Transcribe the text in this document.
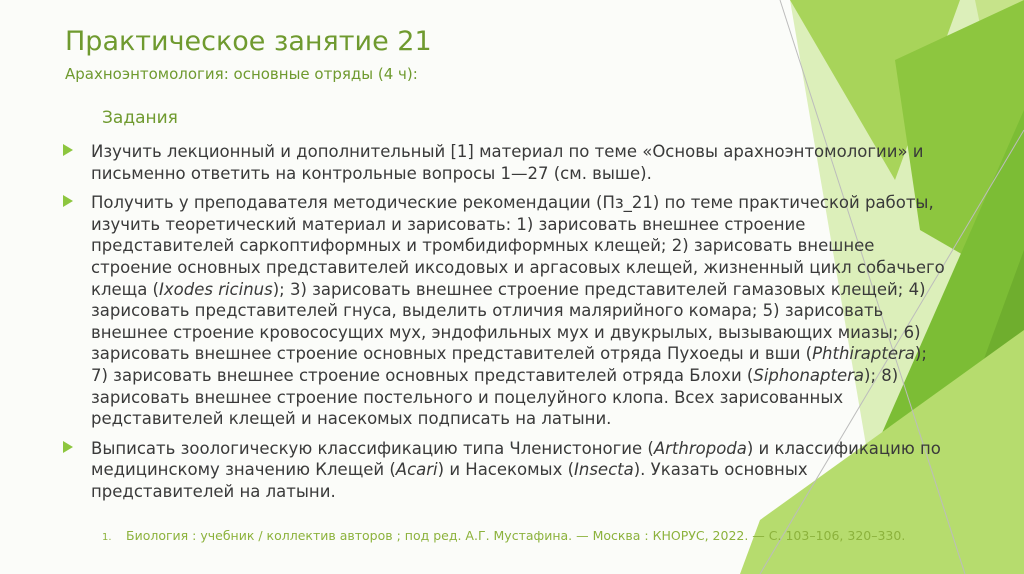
Практическое занятие 21
Арахноэнтомология: основные отряды (4 ч):
Задания

Изучить лекционный и дополнительный [1] материал по теме «Основы арахноэнтомологии» и
письменно ответить на контрольные вопросы 1—27 (см. выше).

Получить у преподавателя методические рекомендации (Пз_21) по теме практической работы,
изучить теоретический материал и зарисовать: 1) зарисовать внешнее строение
представителей саркоптиформных и тромбидиформных клещей; 2) зарисовать внешнее
строение основных представителей иксодовых и аргасовых клещей, жизненный цикл собачьего
клеща (Ixodes ricinus); 3) зарисовать внешнее строение представителей гамазовых клещей; 4)
зарисовать представителей гнуса, выделить отличия малярийного комара; 5) зарисовать
внешнее строение кровососущих мух, эндофильных мух и двукрылых, вызывающих миазы; 6)
зарисовать внешнее строение основных представителей отряда Пухоеды и вши (Phthiraptera);
7) зарисовать внешнее строение основных представителей отряда Блохи (Siphonaptera); 8)
зарисовать внешнее строение постельного и поцелуйного клопа. Всех зарисованных
редставителей клещей и насекомых подписать на латыни.

Выписать зоологическую классификацию типа Членистоногие (Arthropoda) и классификацию по
медицинскому значению Клещей (Acari) и Насекомых (Insecta). Указать основных
представителей на латыни.

1. Биология : учебник / коллектив авторов ; под ред. А.Г. Мустафина. — Москва : КНОРУС, 2022. — С. 103–106, 320–330.
